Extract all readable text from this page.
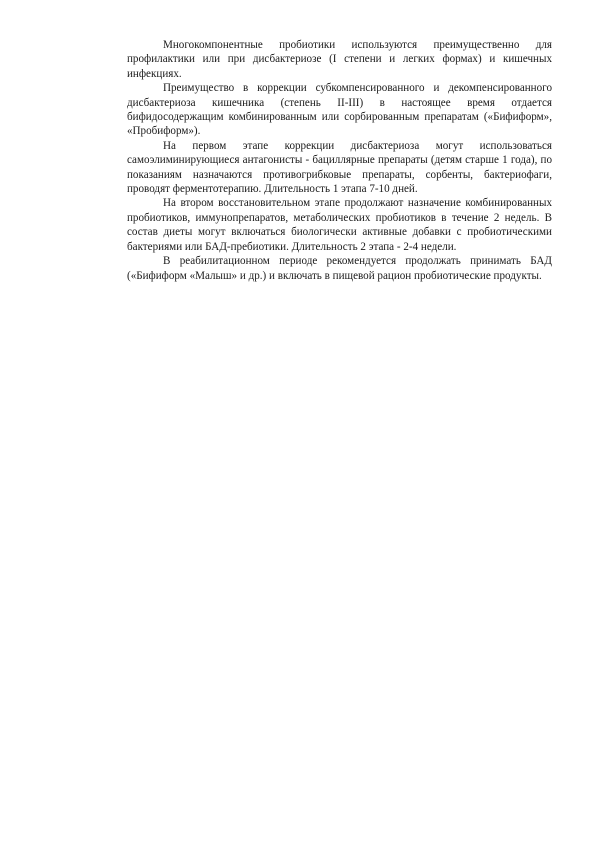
Многокомпонентные пробиотики используются преимущественно для профилактики или при дисбактериозе (I степени и легких формах) и кишечных инфекциях.

Преимущество в коррекции субкомпенсированного и декомпенсированного дисбактериоза кишечника (степень II-III) в настоящее время отдается бифидосодержащим комбинированным или сорбированным препаратам («Бифиформ», «Пробиформ»).

На первом этапе коррекции дисбактериоза могут использоваться самоэлиминирующиеся антагонисты - бациллярные препараты (детям старше 1 года), по показаниям назначаются противогрибковые препараты, сорбенты, бактериофаги, проводят ферментотерапию. Длительность 1 этапа 7-10 дней.

На втором восстановительном этапе продолжают назначение комбинированных пробиотиков, иммунопрепаратов, метаболических пробиотиков в течение 2 недель. В состав диеты могут включаться биологически активные добавки с пробиотическими бактериями или БАД-пребиотики. Длительность 2 этапа - 2-4 недели.

В реабилитационном периоде рекомендуется продолжать принимать БАД («Бифиформ «Малыш» и др.) и включать в пищевой рацион пробиотические продукты.
